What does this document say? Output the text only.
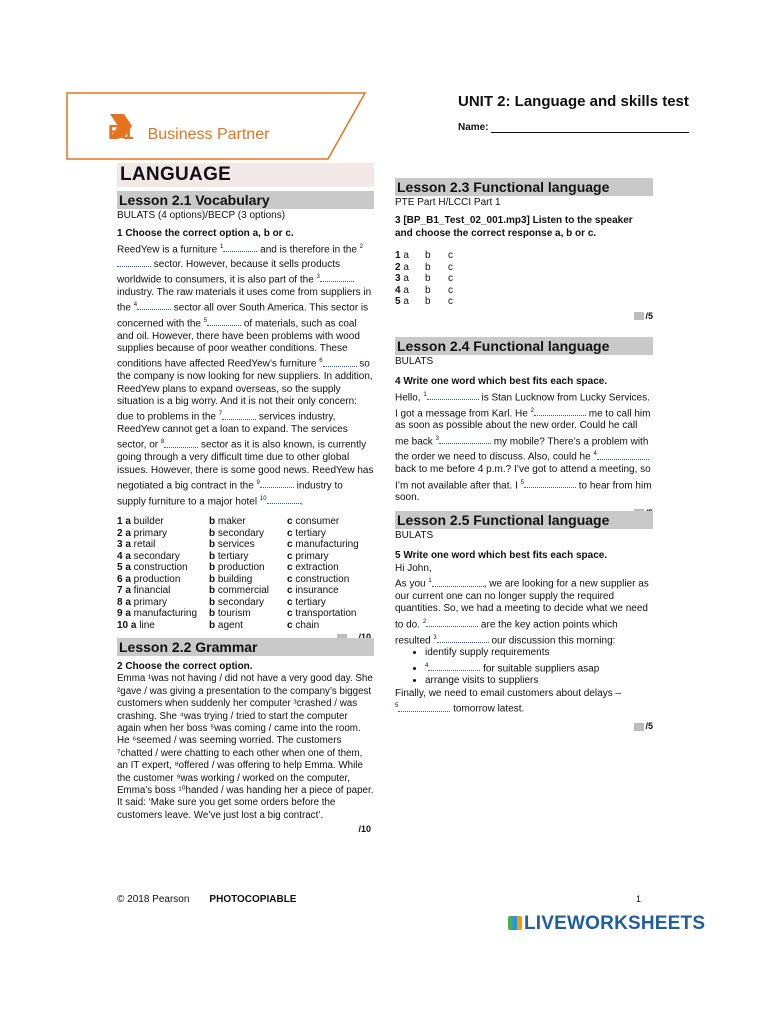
B1 Business Partner
UNIT 2: Language and skills test
Name:
LANGUAGE
Lesson 2.1 Vocabulary
BULATS (4 options)/BECP (3 options)
1 Choose the correct option a, b or c.
ReedYew is a furniture $^1$	and is therefore in the $^2$ sector. However, because it sells products worldwide to consumers, it is also part of the $^3$	industry. The raw materials it uses come from suppliers in the $^4$	sector all over South America. This sector is concerned with the $^5$	of materials, such as coal and oil. However, there have been problems with wood supplies because of poor weather conditions. These conditions have affected ReedYew’s furniture $^6$	so the company is now looking for new suppliers. In addition, ReedYew plans to expand overseas, so the supply situation is a big worry. And it is not their only concern: due to problems in the $^7$	services industry, ReedYew cannot get a loan to expand. The services sector, or $^8$	sector as it is also known, is currently going through a very difficult time due to other global issues. However, there is some good news. ReedYew has negotiated a big contract in the $^9$	industry to supply furniture to a major hotel $^{10}$	.
1 a builder	b maker	c consumer
2 a primary	b secondary	c tertiary
3 a retail	b services	c manufacturing
4 a secondary	b tertiary	c primary
5 a construction	b production	c extraction
6 a production	b building	c construction
7 a financial	b commercial	c insurance
8 a primary	b secondary	c tertiary
9 a manufacturing	b tourism	c transportation
10 a line	b agent	c chain
Lesson 2.2 Grammar
2 Choose the correct option.
Emma ¹was not having / did not have a very good day. She ²gave / was giving a presentation to the company’s biggest customers when suddenly her computer ³crashed / was crashing. She ⁴was trying / tried to start the computer again when her boss ⁵was coming / came into the room. He ⁶seemed / was seeming worried. The customers ⁷chatted / were chatting to each other when one of them, an IT expert, ⁸offered / was offering to help Emma. While the customer ⁹was working / worked on the computer, Emma’s boss ¹⁰handed / was handing her a piece of paper. It said: ‘Make sure you get some orders before the customers leave. We’ve just lost a big contract’.
/10
Lesson 2.3 Functional language
PTE Part H/LCCI Part 1
3 [BP_B1_Test_02_001.mp3] Listen to the speaker and choose the correct response a, b or c.
1 a b c
2 a b c
3 a b c
4 a b c
5 a b c
/5
Lesson 2.4 Functional language
BULATS
4 Write one word which best fits each space.
Hello, $^1$	is Stan Lucknow from Lucky Services. I got a message from Karl. He $^2$	me to call him as soon as possible about the new order. Could he call me back $^3$	my mobile? There’s a problem with the order we need to discuss. Also, could he $^4$	back to me before 4 p.m.? I’ve got to attend a meeting, so I’m not available after that. I $^5$	to hear from him soon.
Lesson 2.5 Functional language
BULATS
5 Write one word which best fits each space.
Hi John,
As you $^1$	, we are looking for a new supplier as our current one can no longer supply the required quantities. So, we had a meeting to decide what we need to do. $^2$	are the key action points which resulted $^3$	our discussion this morning:
• identify supply requirements
• $^4$	for suitable suppliers asap
• arrange visits to suppliers
Finally, we need to email customers about delays –
$^5$	tomorrow latest.
/5
© 2018 Pearson PHOTOCOPIABLE	1
LIVEWORKSHEETS
